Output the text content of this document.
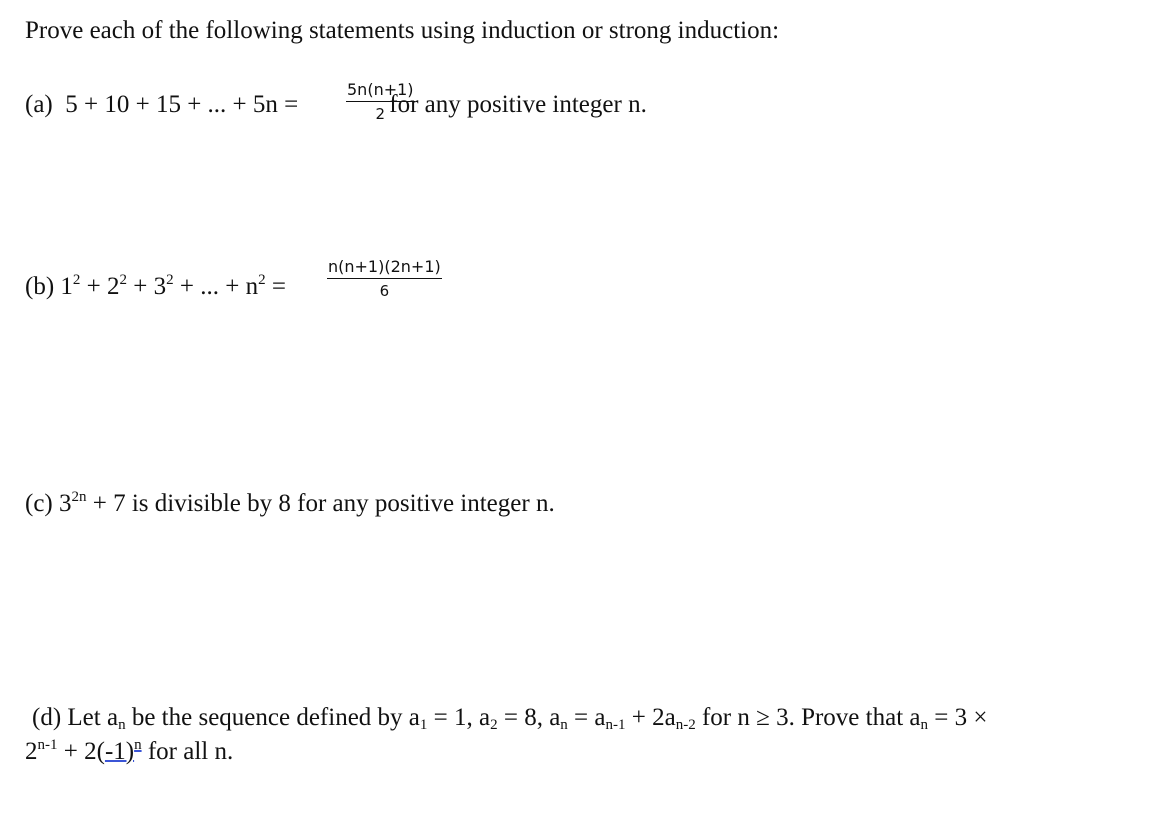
Prove each of the following statements using induction or strong induction:
(a) 5 + 10 + 15 + ... + 5n =	for any positive integer n.
$\frac{5n(n+1)}{2}$
(b) $1^2 + 2^2 + 3^2$ + ... + $n^2$ =	$\frac{n(n+1)(2n+1)}{6}$
(c) $3^{2n} + 7$ is divisible by 8 for any positive integer n.
(d) Let $a_n$ be the sequence defined by $a_1 = 1$, $a_2 = 8$, $a_n = a_{n-1} + 2a_{n-2}$ for n ≥ 3. Prove that $a_n = 3$ ×
$2^{n-1} + 2(-1)^n$ for all n.
